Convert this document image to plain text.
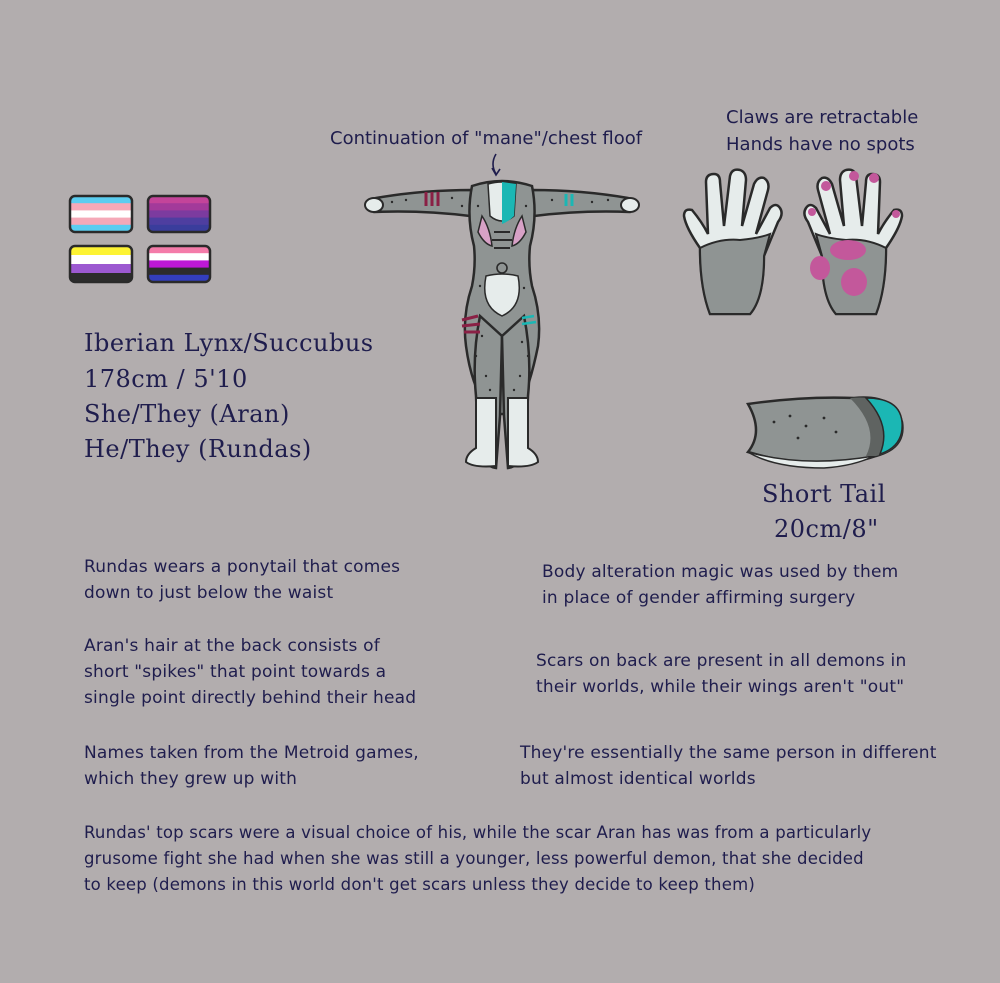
Iberian Lynx/Succubus
178cm / 5'10
She/They (Aran)
He/They (Rundas)
Continuation of "mane"/chest floof
Claws are retractable
Hands have no spots
Short Tail
20cm/8"
Rundas wears a ponytail that comes
down to just below the waist
Aran's hair at the back consists of
short "spikes" that point towards a
single point directly behind their head
Names taken from the Metroid games,
which they grew up with
Body alteration magic was used by them
in place of gender affirming surgery
Scars on back are present in all demons in
their worlds, while their wings aren't "out"
They're essentially the same person in different
but almost identical worlds
Rundas' top scars were a visual choice of his, while the scar Aran has was from a particularly
grusome fight she had when she was still a younger, less powerful demon, that she decided
to keep (demons in this world don't get scars unless they decide to keep them)
